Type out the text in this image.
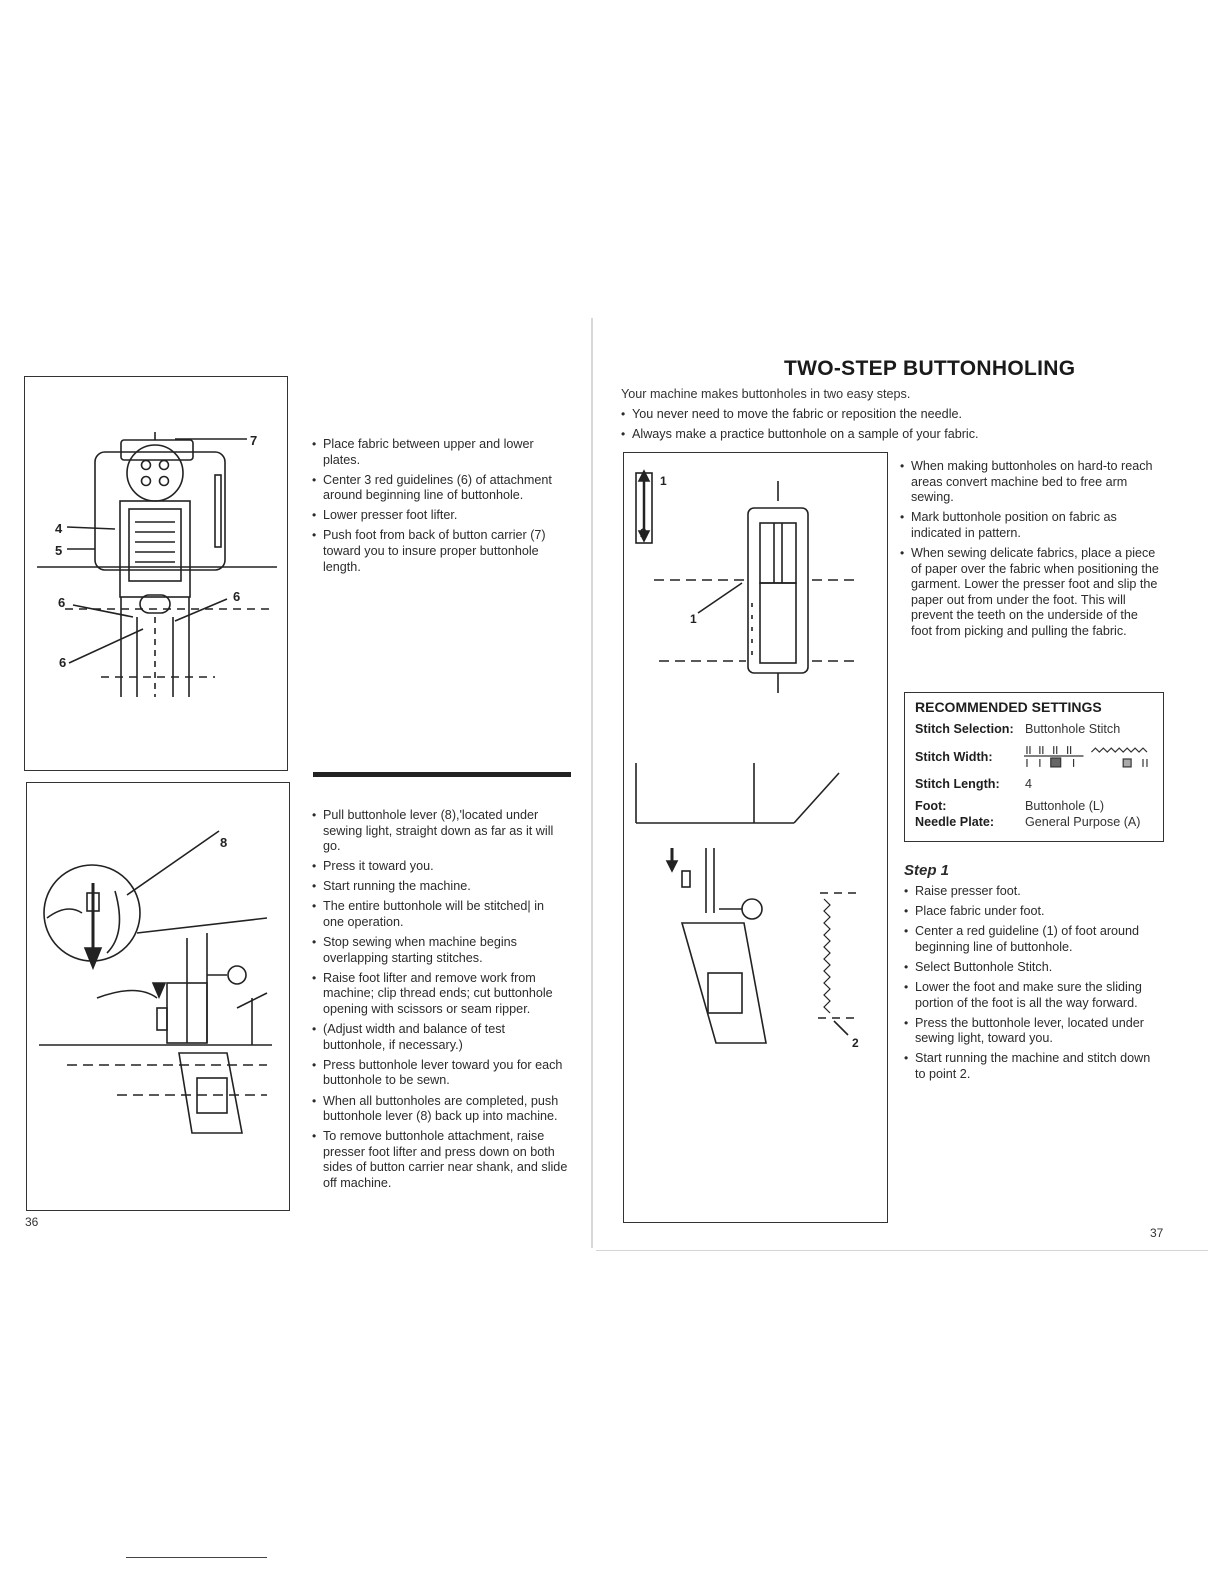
7
4
5
6	6
6
8
36
• Place fabric between upper and lower plates.
• Center 3 red guidelines (6) of attachment around beginning line of buttonhole.
• Lower presser foot lifter.
• Push foot from back of button carrier (7) toward you to insure proper buttonhole length.
• Pull buttonhole lever (8),'located under sewing light, straight down as far as it will go.
• Press it toward you.
• Start running the machine.
• The entire buttonhole will be stitched| in one operation.
• Stop sewing when machine begins overlapping starting stitches.
• Raise foot lifter and remove work from machine; clip thread ends; cut buttonhole opening with scissors or seam ripper.
• (Adjust width and balance of test buttonhole, if necessary.)
• Press buttonhole lever toward you for each buttonhole to be sewn.
• When all buttonholes are completed, push buttonhole lever (8) back up into machine.
• To remove buttonhole attachment, raise presser foot lifter and press down on both sides of button carrier near shank, and slide off machine.
TWO-STEP BUTTONHOLING
Your machine makes buttonholes in two easy steps.
• You never need to move the fabric or reposition the needle.
• Always make a practice buttonhole on a sample of your fabric.
1
2
1
2
• When making buttonholes on hard-to reach areas convert machine bed to free arm sewing.
• Mark buttonhole position on fabric as indicated in pattern.
• When sewing delicate fabrics, place a piece of paper over the fabric when positioning the garment. Lower the presser foot and slip the paper out from under the foot. This will prevent the teeth on the underside of the foot from picking and pulling the fabric.
RECOMMENDED SETTINGS
Stitch Selection: Buttonhole Stitch
Stitch Width:
Stitch Length:	4
Foot:	Buttonhole (L)
Needle Plate:	General Purpose (A)
Step 1
• Raise presser foot.
• Place fabric under foot.
• Center a red guideline (1) of foot around beginning line of buttonhole.
• Select Buttonhole Stitch.
• Lower the foot and make sure the sliding portion of the foot is all the way forward.
• Press the buttonhole lever, located under sewing light, toward you.
• Start running the machine and stitch down to point 2.
37
